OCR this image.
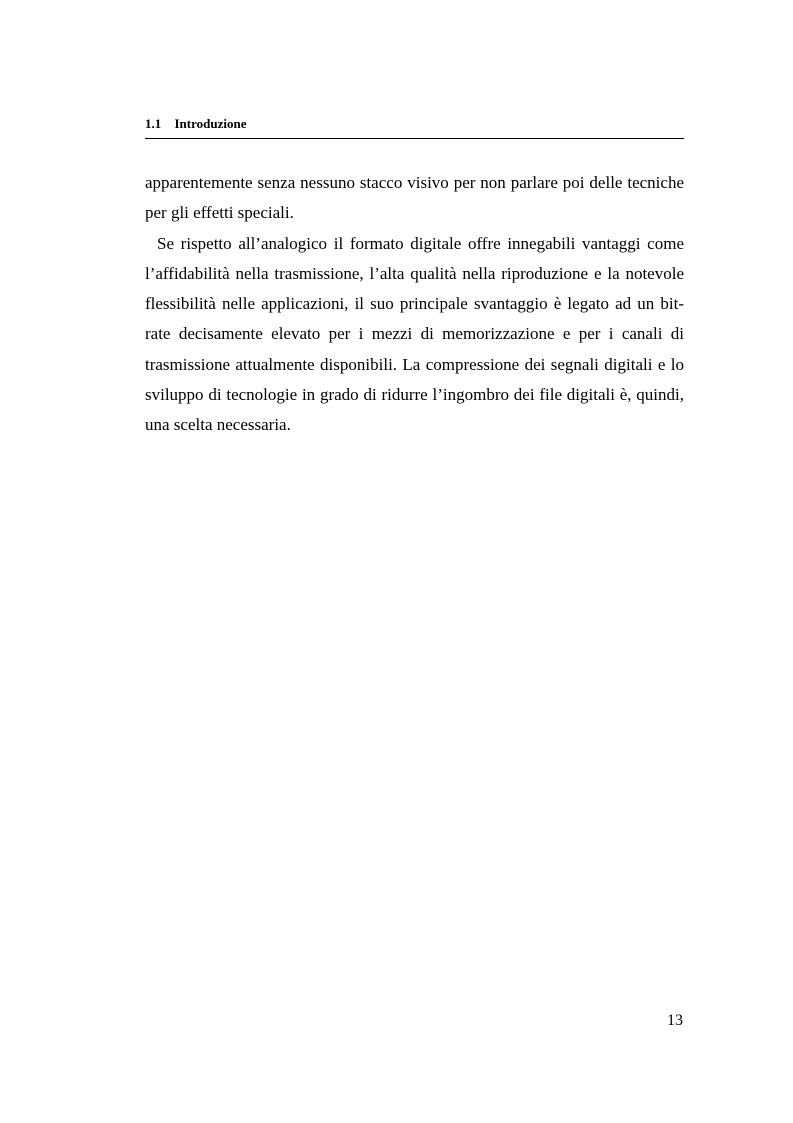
1.1 Introduzione

apparentemente senza nessuno stacco visivo per non parlare poi delle tecniche per gli effetti speciali.

Se rispetto all’analogico il formato digitale offre innegabili vantaggi come l’affidabilità nella trasmissione, l’alta qualità nella riproduzione e la notevole flessibilità nelle applicazioni, il suo principale svantaggio è legato ad un bit-rate decisamente elevato per i mezzi di memorizzazione e per i canali di trasmissione attualmente disponibili. La compressione dei segnali digitali e lo sviluppo di tecnologie in grado di ridurre l’ingombro dei file digitali è, quindi, una scelta necessaria.

13
